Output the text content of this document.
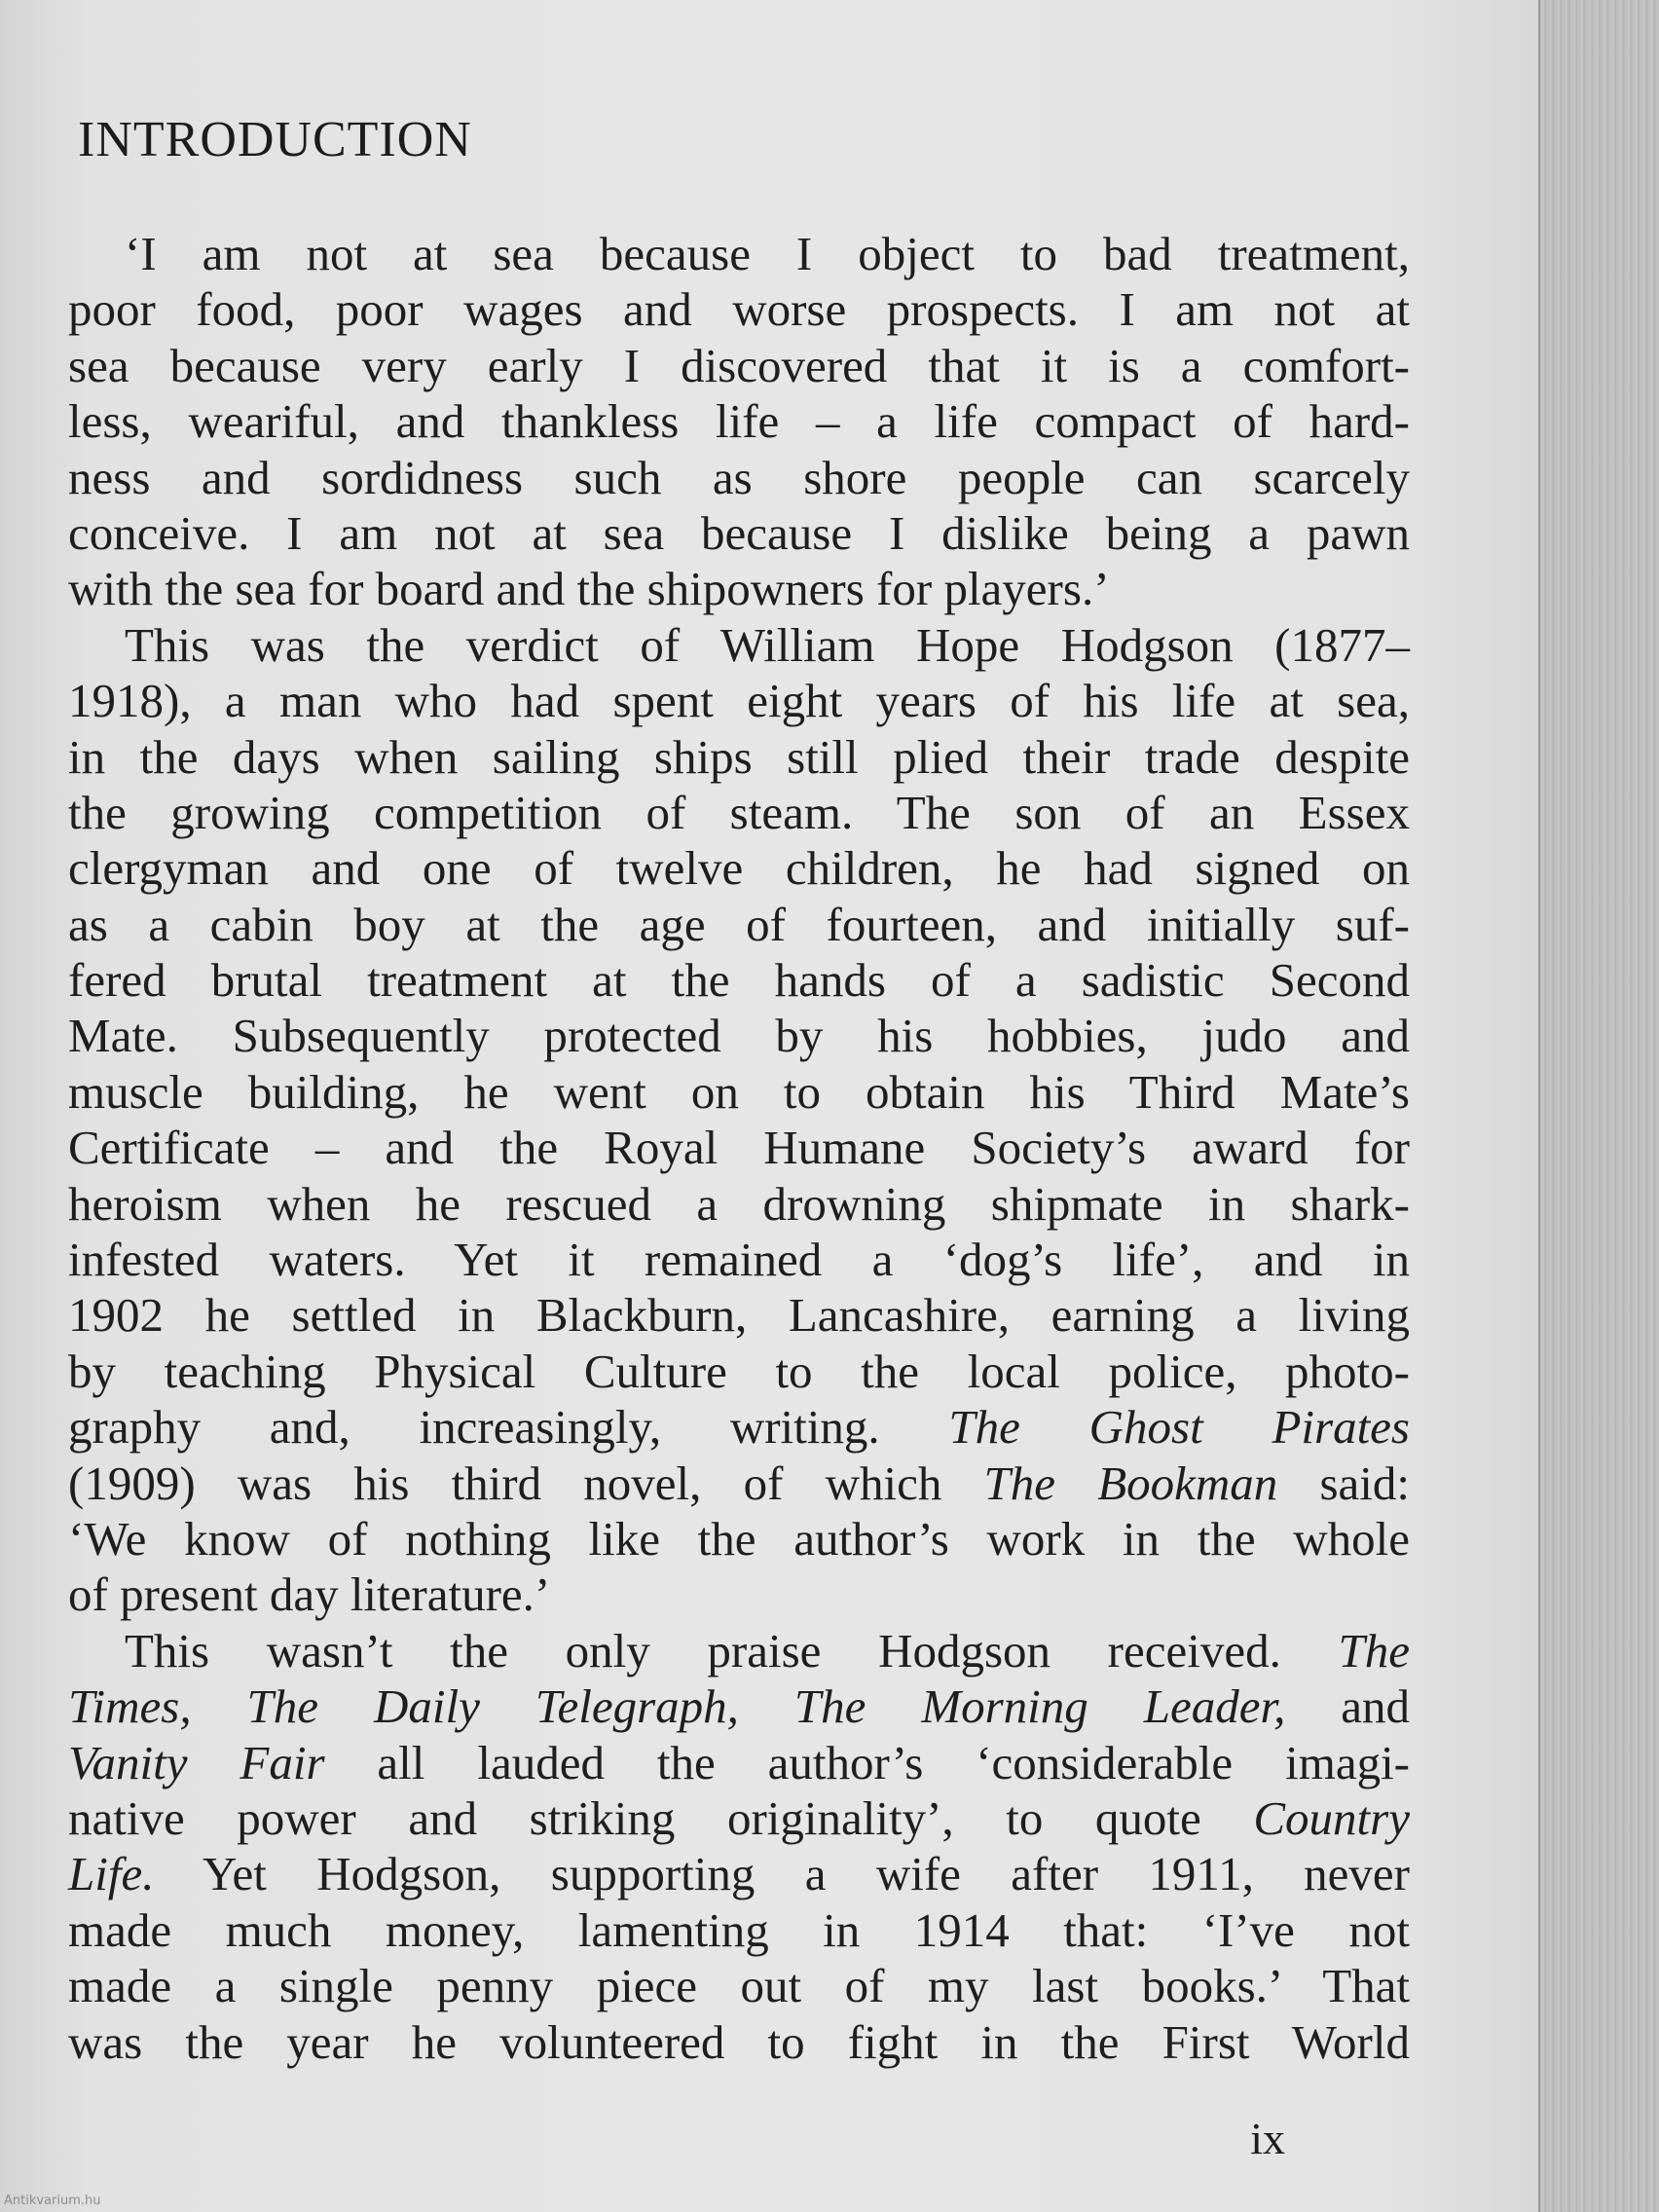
INTRODUCTION
‘I am not at sea because I object to bad treatment,
poor food, poor wages and worse prospects. I am not at
sea because very early I discovered that it is a comfort-
less, weariful, and thankless life – a life compact of hard-
ness and sordidness such as shore people can scarcely
conceive. I am not at sea because I dislike being a pawn
with the sea for board and the shipowners for players.’
This was the verdict of William Hope Hodgson (1877–
1918), a man who had spent eight years of his life at sea,
in the days when sailing ships still plied their trade despite
the growing competition of steam. The son of an Essex
clergyman and one of twelve children, he had signed on
as a cabin boy at the age of fourteen, and initially suf-
fered brutal treatment at the hands of a sadistic Second
Mate. Subsequently protected by his hobbies, judo and
muscle building, he went on to obtain his Third Mate’s
Certificate – and the Royal Humane Society’s award for
heroism when he rescued a drowning shipmate in shark-
infested waters. Yet it remained a ‘dog’s life’, and in
1902 he settled in Blackburn, Lancashire, earning a living
by teaching Physical Culture to the local police, photo-
graphy and, increasingly, writing. The Ghost Pirates
(1909) was his third novel, of which The Bookman said:
‘We know of nothing like the author’s work in the whole
of present day literature.’
This wasn’t the only praise Hodgson received. The
Times, The Daily Telegraph, The Morning Leader, and
Vanity Fair all lauded the author’s ‘considerable imagi-
native power and striking originality’, to quote Country
Life. Yet Hodgson, supporting a wife after 1911, never
made much money, lamenting in 1914 that: ‘I’ve not
made a single penny piece out of my last books.’ That
was the year he volunteered to fight in the First World
ix
Antikvarium.hu
